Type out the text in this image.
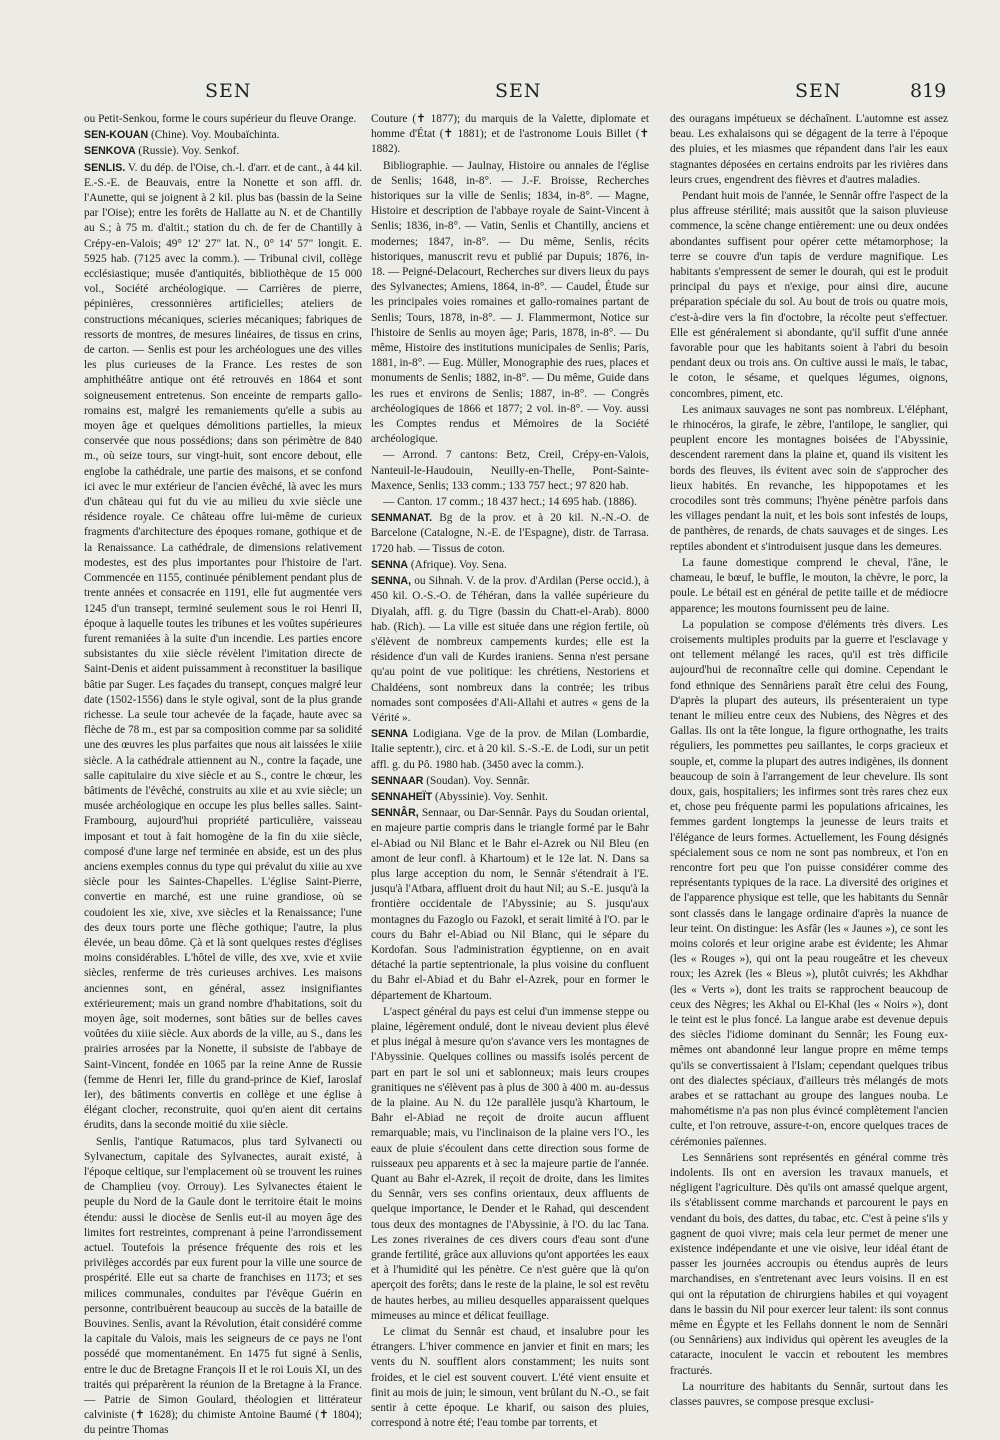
SEN	SEN	SEN	819

ou Petit-Senkou, forme le cours supérieur du fleuve Orange.

SEN-KOUAN (Chine). Voy. Moubaïchinta.

SENKOVA (Russie). Voy. Senkof.

SENLIS. V. du dép. de l'Oise, ch.-l. d'arr. et de cant., à 44 kil. E.-S.-E. de Beauvais, entre la Nonette et son affl. dr. l'Aunette, qui se joignent à 2 kil. plus bas (bassin de la Seine par l'Oise); entre les forêts de Hallatte au N. et de Chantilly au S.; à 75 m. d'altit.; station du ch. de fer de Chantilly à Crépy-en-Valois; 49° 12' 27" lat. N., 0° 14' 57" longit. E. 5925 hab. (7125 avec la comm.). — Tribunal civil, collège ecclésiastique; musée d'antiquités, bibliothèque de 15 000 vol., Société archéologique. — Carrières de pierre, pépinières, cressonnières artificielles; ateliers de constructions mécaniques, scieries mécaniques; fabriques de ressorts de montres, de mesures linéaires, de tissus en crins, de carton. — Senlis est pour les archéologues une des villes les plus curieuses de la France. Les restes de son amphithéâtre antique ont été retrouvés en 1864 et sont soigneusement entretenus. Son enceinte de remparts gallo-romains est, malgré les remaniements qu'elle a subis au moyen âge et quelques démolitions partielles, la mieux conservée que nous possédions; dans son périmètre de 840 m., où seize tours, sur vingt-huit, sont encore debout, elle englobe la cathédrale, une partie des maisons, et se confond ici avec le mur extérieur de l'ancien évêché, là avec les murs d'un château qui fut du vie au milieu du xvie siècle une résidence royale. Ce château offre lui-même de curieux fragments d'architecture des époques romane, gothique et de la Renaissance. La cathédrale, de dimensions relativement modestes, est des plus importantes pour l'histoire de l'art. Commencée en 1155, continuée péniblement pendant plus de trente années et consacrée en 1191, elle fut augmentée vers 1245 d'un transept, terminé seulement sous le roi Henri II, époque à laquelle toutes les tribunes et les voûtes supérieures furent remaniées à la suite d'un incendie. Les parties encore subsistantes du xiie siècle révèlent l'imitation directe de Saint-Denis et aident puissamment à reconstituer la basilique bâtie par Suger. Les façades du transept, conçues malgré leur date (1502-1556) dans le style ogival, sont de la plus grande richesse. La seule tour achevée de la façade, haute avec sa flèche de 78 m., est par sa composition comme par sa solidité une des œuvres les plus parfaites que nous ait laissées le xiiie siècle. A la cathédrale attiennent au N., contre la façade, une salle capitulaire du xive siècle et au S., contre le chœur, les bâtiments de l'évêché, construits au xiie et au xvie siècle; un musée archéologique en occupe les plus belles salles. Saint-Frambourg, aujourd'hui propriété particulière, vaisseau imposant et tout à fait homogène de la fin du xiie siècle, composé d'une large nef terminée en abside, est un des plus anciens exemples connus du type qui prévalut du xiiie au xve siècle pour les Saintes-Chapelles. L'église Saint-Pierre, convertie en marché, est une ruine grandiose, où se coudoient les xie, xive, xve siècles et la Renaissance; l'une des deux tours porte une flèche gothique; l'autre, la plus élevée, un beau dôme. Çà et là sont quelques restes d'églises moins considérables. L'hôtel de ville, des xve, xvie et xviie siècles, renferme de très curieuses archives. Les maisons anciennes sont, en général, assez insignifiantes extérieurement; mais un grand nombre d'habitations, soit du moyen âge, soit modernes, sont bâties sur de belles caves voûtées du xiiie siècle. Aux abords de la ville, au S., dans les prairies arrosées par la Nonette, il subsiste de l'abbaye de Saint-Vincent, fondée en 1065 par la reine Anne de Russie (femme de Henri Ier, fille du grand-prince de Kief, Iaroslaf Ier), des bâtiments convertis en collège et une église à élégant clocher, reconstruite, quoi qu'en aient dit certains érudits, dans la seconde moitié du xiie siècle.

Senlis, l'antique Ratumacos, plus tard Sylvanecti ou Sylvanectum, capitale des Sylvanectes, aurait existé, à l'époque celtique, sur l'emplacement où se trouvent les ruines de Champlieu (voy. Orrouy). Les Sylvanectes étaient le peuple du Nord de la Gaule dont le territoire était le moins étendu: aussi le diocèse de Senlis eut-il au moyen âge des limites fort restreintes, comprenant à peine l'arrondissement actuel. Toutefois la présence fréquente des rois et les privilèges accordés par eux furent pour la ville une source de prospérité. Elle eut sa charte de franchises en 1173; et ses milices communales, conduites par l'évêque Guérin en personne, contribuèrent beaucoup au succès de la bataille de Bouvines. Senlis, avant la Révolution, était considéré comme la capitale du Valois, mais les seigneurs de ce pays ne l'ont possédé que momentanément. En 1475 fut signé à Senlis, entre le duc de Bretagne François II et le roi Louis XI, un des traités qui préparèrent la réunion de la Bretagne à la France. — Patrie de Simon Goulard, théologien et littérateur calviniste (✝ 1628); du chimiste Antoine Baumé (✝ 1804); du peintre Thomas

Couture (✝ 1877); du marquis de la Valette, diplomate et homme d'État (✝ 1881); et de l'astronome Louis Billet (✝ 1882).

Bibliographie. — Jaulnay, Histoire ou annales de l'église de Senlis; 1648, in-8°. — J.-F. Broisse, Recherches historiques sur la ville de Senlis; 1834, in-8°. — Magne, Histoire et description de l'abbaye royale de Saint-Vincent à Senlis; 1836, in-8°. — Vatin, Senlis et Chantilly, anciens et modernes; 1847, in-8°. — Du même, Senlis, récits historiques, manuscrit revu et publié par Dupuis; 1876, in-18. — Peigné-Delacourt, Recherches sur divers lieux du pays des Sylvanectes; Amiens, 1864, in-8°. — Caudel, Étude sur les principales voies romaines et gallo-romaines partant de Senlis; Tours, 1878, in-8°. — J. Flammermont, Notice sur l'histoire de Senlis au moyen âge; Paris, 1878, in-8°. — Du même, Histoire des institutions municipales de Senlis; Paris, 1881, in-8°. — Eug. Müller, Monographie des rues, places et monuments de Senlis; 1882, in-8°. — Du même, Guide dans les rues et environs de Senlis; 1887, in-8°. — Congrès archéologiques de 1866 et 1877; 2 vol. in-8°. — Voy. aussi les Comptes rendus et Mémoires de la Société archéologique.

— Arrond. 7 cantons: Betz, Creil, Crépy-en-Valois, Nanteuil-le-Haudouin, Neuilly-en-Thelle, Pont-Sainte-Maxence, Senlis; 133 comm.; 133 757 hect.; 97 820 hab.

— Canton. 17 comm.; 18 437 hect.; 14 695 hab. (1886).

SENMANAT. Bg de la prov. et à 20 kil. N.-N.-O. de Barcelone (Catalogne, N.-E. de l'Espagne), distr. de Tarrasa. 1720 hab. — Tissus de coton.

SENNA (Afrique). Voy. Sena.

SENNA, ou Sihnah. V. de la prov. d'Ardilan (Perse occid.), à 450 kil. O.-S.-O. de Téhéran, dans la vallée supérieure du Diyalah, affl. g. du Tigre (bassin du Chatt-el-Arab). 8000 hab. (Rich). — La ville est située dans une région fertile, où s'élèvent de nombreux campements kurdes; elle est la résidence d'un vali de Kurdes iraniens. Senna n'est persane qu'au point de vue politique: les chrétiens, Nestoriens et Chaldéens, sont nombreux dans la contrée; les tribus nomades sont composées d'Ali-Allahi et autres « gens de la Vérité ».

SENNA Lodigiana. Vge de la prov. de Milan (Lombardie, Italie septentr.), circ. et à 20 kil. S.-S.-E. de Lodi, sur un petit affl. g. du Pô. 1980 hab. (3450 avec la comm.).

SENNAAR (Soudan). Voy. Sennâr.

SENNAHEÏT (Abyssinie). Voy. Senhit.

SENNÂR, Sennaar, ou Dar-Sennâr. Pays du Soudan oriental, en majeure partie compris dans le triangle formé par le Bahr el-Abiad ou Nil Blanc et le Bahr el-Azrek ou Nil Bleu (en amont de leur confl. à Khartoum) et le 12e lat. N. Dans sa plus large acception du nom, le Sennâr s'étendrait à l'E. jusqu'à l'Atbara, affluent droit du haut Nil; au S.-E. jusqu'à la frontière occidentale de l'Abyssinie; au S. jusqu'aux montagnes du Fazoglo ou Fazokl, et serait limité à l'O. par le cours du Bahr el-Abiad ou Nil Blanc, qui le sépare du Kordofan. Sous l'administration égyptienne, on en avait détaché la partie septentrionale, la plus voisine du confluent du Bahr el-Abiad et du Bahr el-Azrek, pour en former le département de Khartoum.

L'aspect général du pays est celui d'un immense steppe ou plaine, légèrement ondulé, dont le niveau devient plus élevé et plus inégal à mesure qu'on s'avance vers les montagnes de l'Abyssinie. Quelques collines ou massifs isolés percent de part en part le sol uni et sablonneux; mais leurs croupes granitiques ne s'élèvent pas à plus de 300 à 400 m. au-dessus de la plaine. Au N. du 12e parallèle jusqu'à Khartoum, le Bahr el-Abiad ne reçoit de droite aucun affluent remarquable; mais, vu l'inclinaison de la plaine vers l'O., les eaux de pluie s'écoulent dans cette direction sous forme de ruisseaux peu apparents et à sec la majeure partie de l'année. Quant au Bahr el-Azrek, il reçoit de droite, dans les limites du Sennâr, vers ses confins orientaux, deux affluents de quelque importance, le Dender et le Rahad, qui descendent tous deux des montagnes de l'Abyssinie, à l'O. du lac Tana. Les zones riveraines de ces divers cours d'eau sont d'une grande fertilité, grâce aux alluvions qu'ont apportées les eaux et à l'humidité qui les pénètre. Ce n'est guère que là qu'on aperçoit des forêts; dans le reste de la plaine, le sol est revêtu de hautes herbes, au milieu desquelles apparaissent quelques mimeuses au mince et délicat feuillage.

Le climat du Sennâr est chaud, et insalubre pour les étrangers. L'hiver commence en janvier et finit en mars; les vents du N. soufflent alors constamment; les nuits sont froides, et le ciel est souvent couvert. L'été vient ensuite et finit au mois de juin; le simoun, vent brûlant du N.-O., se fait sentir à cette époque. Le kharif, ou saison des pluies, correspond à notre été; l'eau tombe par torrents, et

des ouragans impétueux se déchaînent. L'automne est assez beau. Les exhalaisons qui se dégagent de la terre à l'époque des pluies, et les miasmes que répandent dans l'air les eaux stagnantes déposées en certains endroits par les rivières dans leurs crues, engendrent des fièvres et d'autres maladies.

Pendant huit mois de l'année, le Sennâr offre l'aspect de la plus affreuse stérilité; mais aussitôt que la saison pluvieuse commence, la scène change entièrement: une ou deux ondées abondantes suffisent pour opérer cette métamorphose; la terre se couvre d'un tapis de verdure magnifique. Les habitants s'empressent de semer le dourah, qui est le produit principal du pays et n'exige, pour ainsi dire, aucune préparation spéciale du sol. Au bout de trois ou quatre mois, c'est-à-dire vers la fin d'octobre, la récolte peut s'effectuer. Elle est généralement si abondante, qu'il suffit d'une année favorable pour que les habitants soient à l'abri du besoin pendant deux ou trois ans. On cultive aussi le maïs, le tabac, le coton, le sésame, et quelques légumes, oignons, concombres, piment, etc.

Les animaux sauvages ne sont pas nombreux. L'éléphant, le rhinocéros, la girafe, le zèbre, l'antilope, le sanglier, qui peuplent encore les montagnes boisées de l'Abyssinie, descendent rarement dans la plaine et, quand ils visitent les bords des fleuves, ils évitent avec soin de s'approcher des lieux habités. En revanche, les hippopotames et les crocodiles sont très communs; l'hyène pénètre parfois dans les villages pendant la nuit, et les bois sont infestés de loups, de panthères, de renards, de chats sauvages et de singes. Les reptiles abondent et s'introduisent jusque dans les demeures.

La faune domestique comprend le cheval, l'âne, le chameau, le bœuf, le buffle, le mouton, la chèvre, le porc, la poule. Le bétail est en général de petite taille et de médiocre apparence; les moutons fournissent peu de laine.

La population se compose d'éléments très divers. Les croisements multiples produits par la guerre et l'esclavage y ont tellement mélangé les races, qu'il est très difficile aujourd'hui de reconnaître celle qui domine. Cependant le fond ethnique des Sennâriens paraît être celui des Foung, D'après la plupart des auteurs, ils présenteraient un type tenant le milieu entre ceux des Nubiens, des Nègres et des Gallas. Ils ont la tête longue, la figure orthognathe, les traits réguliers, les pommettes peu saillantes, le corps gracieux et souple, et, comme la plupart des autres indigènes, ils donnent beaucoup de soin à l'arrangement de leur chevelure. Ils sont doux, gais, hospitaliers; les infirmes sont très rares chez eux et, chose peu fréquente parmi les populations africaines, les femmes gardent longtemps la jeunesse de leurs traits et l'élégance de leurs formes. Actuellement, les Foung désignés spécialement sous ce nom ne sont pas nombreux, et l'on en rencontre fort peu que l'on puisse considérer comme des représentants typiques de la race. La diversité des origines et de l'apparence physique est telle, que les habitants du Sennâr sont classés dans le langage ordinaire d'après la nuance de leur teint. On distingue: les Asfâr (les « Jaunes »), ce sont les moins colorés et leur origine arabe est évidente; les Ahmar (les « Rouges »), qui ont la peau rougeâtre et les cheveux roux; les Azrek (les « Bleus »), plutôt cuivrés; les Akhdhar (les « Verts »), dont les traits se rapprochent beaucoup de ceux des Nègres; les Akhal ou El-Khal (les « Noirs »), dont le teint est le plus foncé. La langue arabe est devenue depuis des siècles l'idiome dominant du Sennâr; les Foung eux-mêmes ont abandonné leur langue propre en même temps qu'ils se convertissaient à l'Islam; cependant quelques tribus ont des dialectes spéciaux, d'ailleurs très mélangés de mots arabes et se rattachant au groupe des langues nouba. Le mahométisme n'a pas non plus évincé complètement l'ancien culte, et l'on retrouve, assure-t-on, encore quelques traces de cérémonies païennes.

Les Sennâriens sont représentés en général comme très indolents. Ils ont en aversion les travaux manuels, et négligent l'agriculture. Dès qu'ils ont amassé quelque argent, ils s'établissent comme marchands et parcourent le pays en vendant du bois, des dattes, du tabac, etc. C'est à peine s'ils y gagnent de quoi vivre; mais cela leur permet de mener une existence indépendante et une vie oisive, leur idéal étant de passer les journées accroupis ou étendus auprès de leurs marchandises, en s'entretenant avec leurs voisins. Il en est qui ont la réputation de chirurgiens habiles et qui voyagent dans le bassin du Nil pour exercer leur talent: ils sont connus même en Égypte et les Fellahs donnent le nom de Sennâri (ou Sennâriens) aux individus qui opèrent les aveugles de la cataracte, inoculent le vaccin et reboutent les membres fracturés.

La nourriture des habitants du Sennâr, surtout dans les classes pauvres, se compose presque exclusi-
